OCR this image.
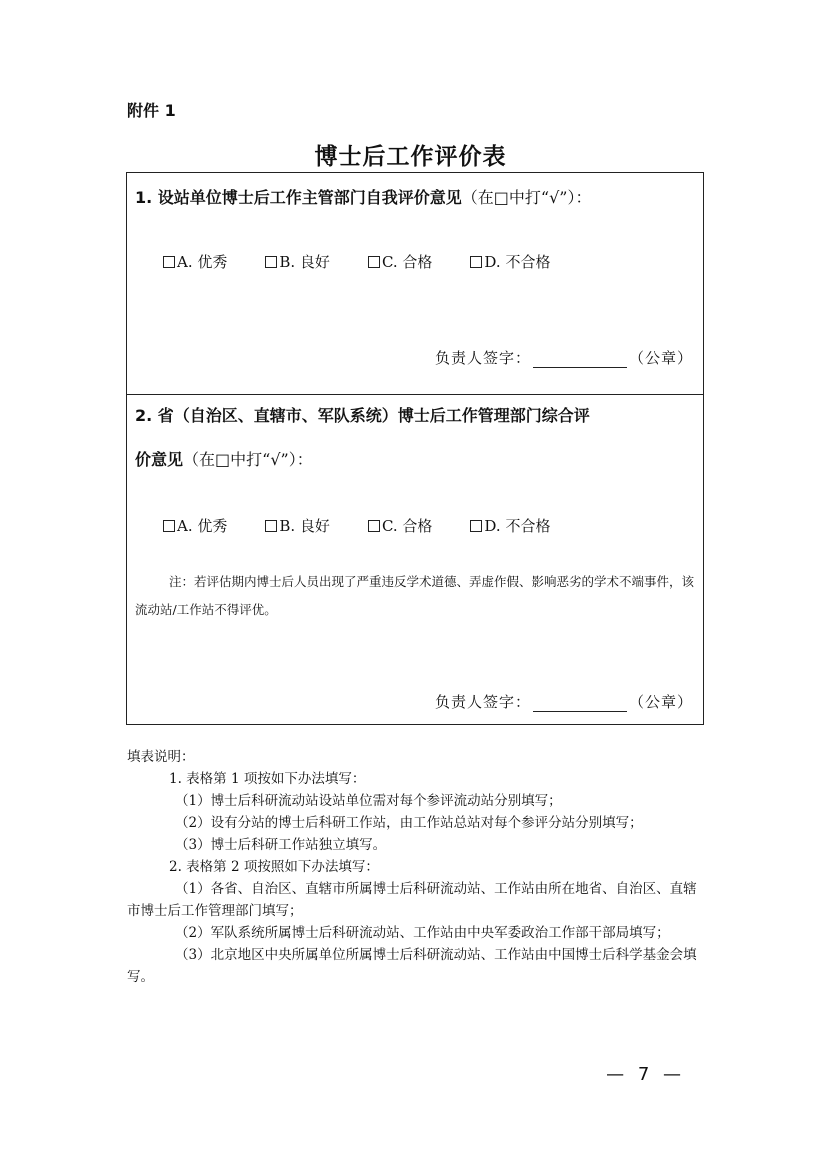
附件 1
博士后工作评价表
1. 设站单位博士后工作主管部门自我评价意见（在□中打“√”）：
A. 优秀	B. 良好	C. 合格	D. 不合格
负责人签字：	（公章）
2. 省（自治区、直辖市、军队系统）博士后工作管理部门综合评
价意见（在□中打“√”）：
A. 优秀	B. 良好	C. 合格	D. 不合格
注：若评估期内博士后人员出现了严重违反学术道德、弄虚作假、影响恶劣的学术不端事件，该流动站/工作站不得评优。
负责人签字：	（公章）

填表说明：

1. 表格第 1 项按如下办法填写：

（1）博士后科研流动站设站单位需对每个参评流动站分别填写；

（2）设有分站的博士后科研工作站，由工作站总站对每个参评分站分别填写；

（3）博士后科研工作站独立填写。

2. 表格第 2 项按照如下办法填写：

（1）各省、自治区、直辖市所属博士后科研流动站、工作站由所在地省、自治区、直辖市博士后工作管理部门填写；

（2）军队系统所属博士后科研流动站、工作站由中央军委政治工作部干部局填写；

（3）北京地区中央所属单位所属博士后科研流动站、工作站由中国博士后科学基金会填写。

— 7 —
